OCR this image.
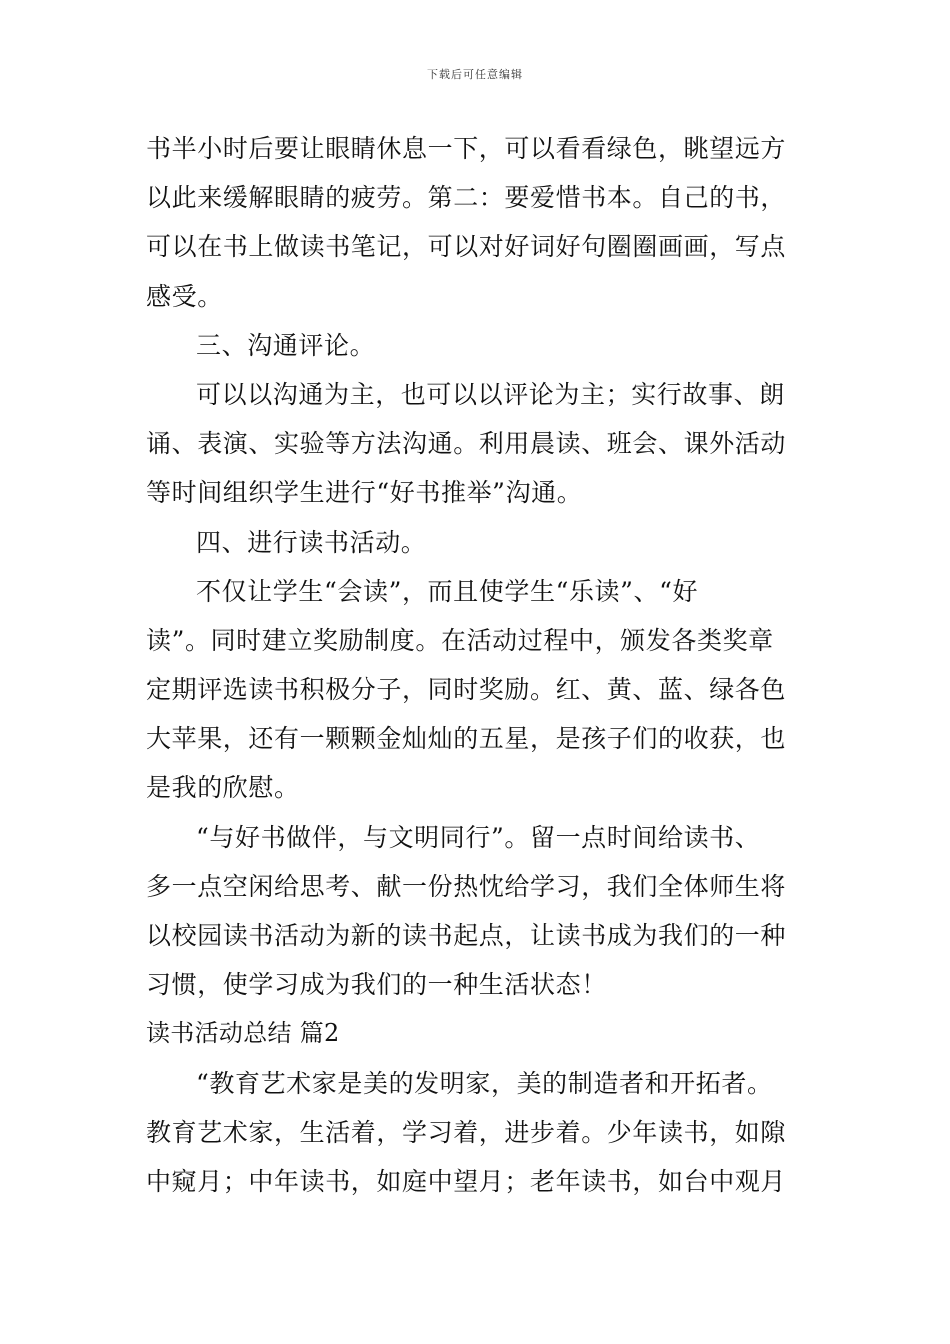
下载后可任意编辑
书半小时后要让眼睛休息一下，可以看看绿色，眺望远方
以此来缓解眼睛的疲劳。第二：要爱惜书本。自己的书，
可以在书上做读书笔记，可以对好词好句圈圈画画，写点
感受。
三、沟通评论。
可以以沟通为主，也可以以评论为主；实行故事、朗
诵、表演、实验等方法沟通。利用晨读、班会、课外活动
等时间组织学生进行“好书推举”沟通。
四、进行读书活动。
不仅让学生“会读”，而且使学生“乐读”、“好
读”。同时建立奖励制度。在活动过程中，颁发各类奖章
定期评选读书积极分子，同时奖励。红、黄、蓝、绿各色
大苹果，还有一颗颗金灿灿的五星，是孩子们的收获，也
是我的欣慰。
“与好书做伴，与文明同行”。留一点时间给读书、
多一点空闲给思考、献一份热忱给学习，我们全体师生将
以校园读书活动为新的读书起点，让读书成为我们的一种
习惯，使学习成为我们的一种生活状态！
读书活动总结 篇2
“教育艺术家是美的发明家，美的制造者和开拓者。
教育艺术家，生活着，学习着，进步着。少年读书，如隙
中窥月；中年读书，如庭中望月；老年读书，如台中观月
